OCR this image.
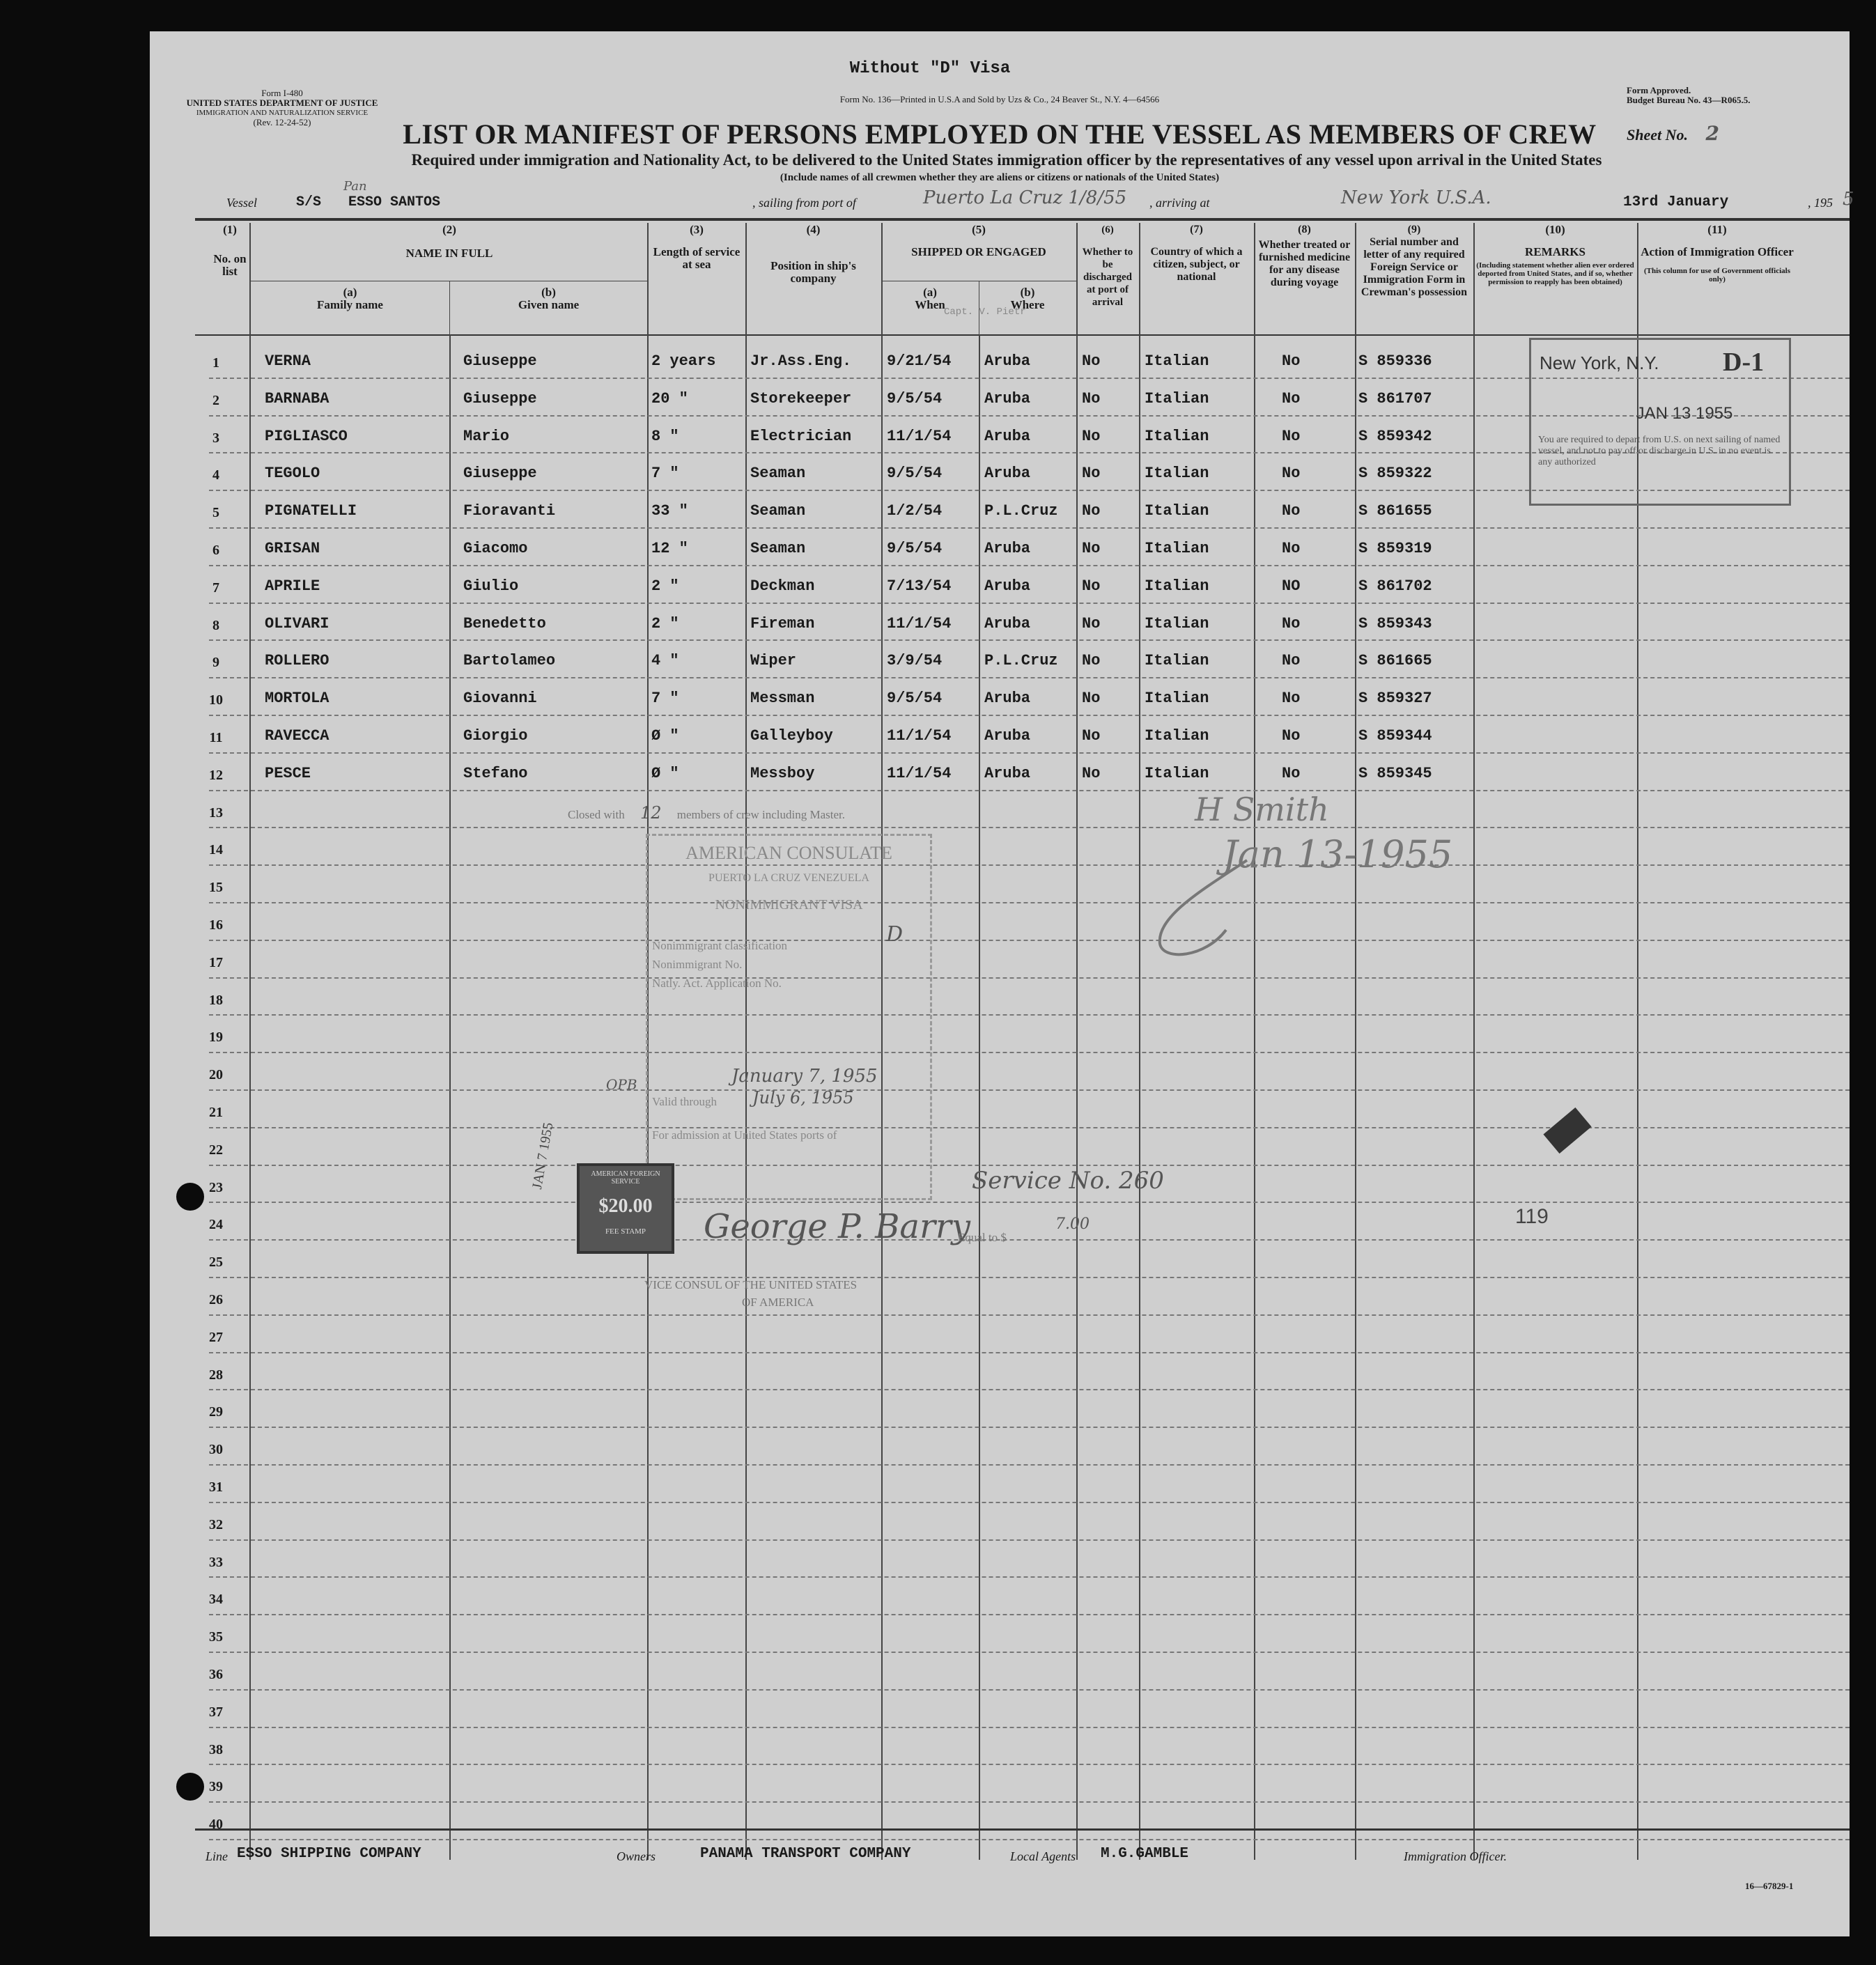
Without "D" Visa
Form I-480
UNITED STATES DEPARTMENT OF JUSTICE
IMMIGRATION AND NATURALIZATION SERVICE
(Rev. 12-24-52)
Form No. 136—Printed in U.S.A and Sold by Uzs & Co., 24 Beaver St., N.Y. 4—64566
Form Approved.
Budget Bureau No. 43—R065.5.
LIST OR MANIFEST OF PERSONS EMPLOYED ON THE VESSEL AS MEMBERS OF CREW	Sheet No. 2
Required under immigration and Nationality Act, to be delivered to the United States immigration officer by the representatives of any vessel upon arrival in the United States
(Include names of all crewmen whether they are aliens or citizens or nationals of the United States)
Vessel	S/S
Pan
ESSO SANTOS	, sailing from port of	Puerto La Cruz 1/8/55 , arriving at	New York U.S.A.	13rd January	, 195 5
(1)
No. on list
(2)
NAME IN FULL
(a)
Family name
(b)
Given name
(3)
Length of service at sea
(4)
Position in ship's company
(5)
SHIPPED OR ENGAGED
(a)
When
(b)
Where
(6)
Whether to be discharged at port of arrival
(7)
Country of which a citizen, subject, or national
(8)
Whether treated or furnished medicine for any disease during voyage
(9)
Serial number and letter of any required Foreign Service or Immigration Form in Crewman's possession
(10)
REMARKS
(Including statement whether alien ever ordered deported from United States, and if so, whether permission to reapply has been obtained)
(11)
Action of Immigration Officer
(This column for use of Government officials only)
Capt. V. Pietr
1	VERNA	Giuseppe	2 years Jr.Ass.Eng. 9/21/54 Aruba	No	Italian	No	S 859336
2	BARNABA	Giuseppe	20 "	Storekeeper 9/5/54	Aruba	No	Italian	No	S 861707
3	PIGLIASCO	Mario	8 "	Electrician 11/1/54 Aruba	No	Italian	No	S 859342
4	TEGOLO	Giuseppe	7 "	Seaman	9/5/54	Aruba	No	Italian	No	S 859322
5	PIGNATELLI	Fioravanti	33 "	Seaman	1/2/54	P.L.Cruz No	Italian	No	S 861655
6	GRISAN	Giacomo	12 "	Seaman	9/5/54	Aruba	No	Italian	No	S 859319
7	APRILE	Giulio	2 "	Deckman	7/13/54 Aruba	No	Italian	NO	S 861702
8	OLIVARI	Benedetto	2 "	Fireman	11/1/54 Aruba	No	Italian	No	S 859343
9	ROLLERO	Bartolameo	4 "	Wiper	3/9/54	P.L.Cruz No	Italian	No	S 861665
10	MORTOLA	Giovanni	7 "	Messman	9/5/54	Aruba	No	Italian	No	S 859327
11	RAVECCA	Giorgio	Ø "	Galleyboy	11/1/54 Aruba	No	Italian	No	S 859344
12	PESCE	Stefano	Ø "	Messboy	11/1/54 Aruba	No	Italian	No	S 859345
13
14
15
16
17
18
19
20
21
22
23
24
25
26
27
28
29
30
31
32
33
34
35
36
37
38
39
40
Closed with 12 members of crew including Master.
New York, N.Y. D-1
JAN 13 1955
You are required to depart from U.S. on next sailing of named vessel, and not to pay off or discharge in U.S. in no event is any authorized
H Smith
Jan 13-1955
AMERICAN CONSULATE
PUERTO LA CRUZ VENEZUELA
NONIMMIGRANT VISA
Nonimmigrant classification	D
Nonimmigrant No.
Natly. Act. Application No.
January 7, 1955
Valid through July 6, 1955
For admission at United States ports of
OPB
AMERICAN FOREIGN SERVICE
$20.00
FEE STAMP
JAN 7 1955
George P. Barry
VICE CONSUL OF THE UNITED STATES
OF AMERICA
Service No. 260
Equal to $
7.00	119
Line ESSO SHIPPING COMPANY	Owners	PANAMA TRANSPORT COMPANY	Local Agents M.G.GAMBLE	Immigration Officer.
16—67829-1
